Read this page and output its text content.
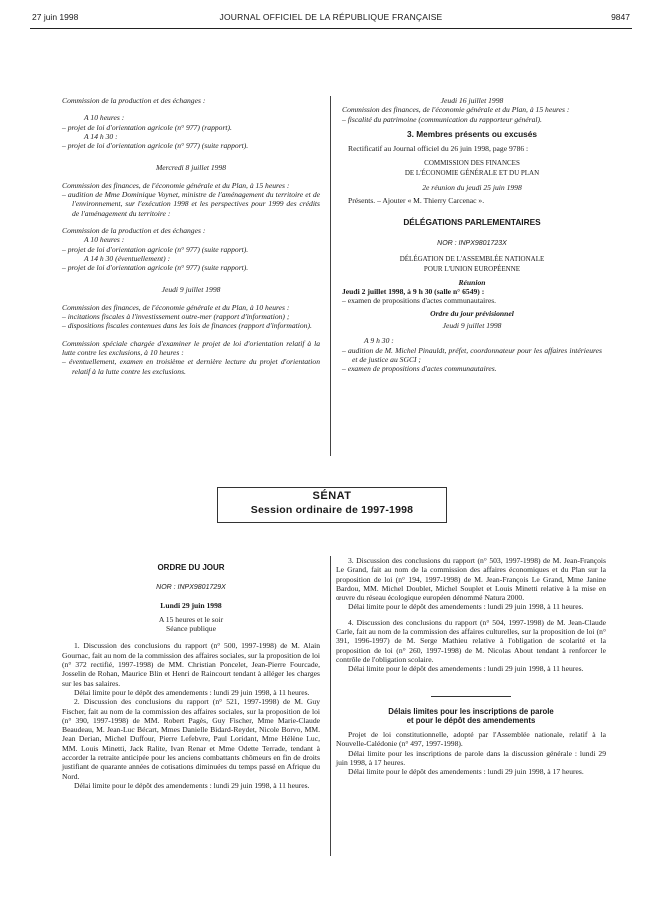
27 juin 1998	JOURNAL OFFICIEL DE LA RÉPUBLIQUE FRANÇAISE	9847

Commission de la production et des échanges :

A 10 heures :

– projet de loi d'orientation agricole (n° 977) (rapport).

A 14 h 30 :

– projet de loi d'orientation agricole (n° 977) (suite rapport).

Mercredi 8 juillet 1998

Commission des finances, de l'économie générale et du Plan, à 15 heures :

– audition de Mme Dominique Voynet, ministre de l'aménagement du territoire et de l'environnement, sur l'exécution 1998 et les perspectives pour 1999 des crédits de l'aménagement du territoire :

Commission de la production et des échanges :

A 10 heures :

– projet de loi d'orientation agricole (n° 977) (suite rapport).

A 14 h 30 (éventuellement) :

– projet de loi d'orientation agricole (n° 977) (suite rapport).

Jeudi 9 juillet 1998

Commission des finances, de l'économie générale et du Plan, à 10 heures :

– incitations fiscales à l'investissement outre-mer (rapport d'information) ;

– dispositions fiscales contenues dans les lois de finances (rapport d'information).

Commission spéciale chargée d'examiner le projet de loi d'orientation relatif à la lutte contre les exclusions, à 10 heures :

– éventuellement, examen en troisième et dernière lecture du projet d'orientation relatif à la lutte contre les exclusions.

Jeudi 16 juillet 1998

Commission des finances, de l'économie générale et du Plan, à 15 heures :

– fiscalité du patrimoine (communication du rapporteur général).

3. Membres présents ou excusés

Rectificatif au Journal officiel du 26 juin 1998, page 9786 :

COMMISSION DES FINANCES

DE L'ÉCONOMIE GÉNÉRALE ET DU PLAN

2e réunion du jeudi 25 juin 1998

Présents. – Ajouter « M. Thierry Carcenac ».

DÉLÉGATIONS PARLEMENTAIRES

NOR : INPX9801723X

DÉLÉGATION DE L'ASSEMBLÉE NATIONALE

POUR L'UNION EUROPÉENNE

Réunion

Jeudi 2 juillet 1998, à 9 h 30 (salle n° 6549) :

– examen de propositions d'actes communautaires.

Ordre du jour prévisionnel

Jeudi 9 juillet 1998

A 9 h 30 :

– audition de M. Michel Pinauldt, préfet, coordonnateur pour les affaires intérieures et de justice au SGCI ;

– examen de propositions d'actes communautaires.

SÉNAT
Session ordinaire de 1997-1998

ORDRE DU JOUR

NOR : INPX9801729X

Lundi 29 juin 1998

A 15 heures et le soir

Séance publique

1. Discussion des conclusions du rapport (n° 500, 1997-1998) de M. Alain Gournac, fait au nom de la commission des affaires sociales, sur la proposition de loi (n° 372 rectifié, 1997-1998) de MM. Christian Poncelet, Jean-Pierre Fourcade, Josselin de Rohan, Maurice Blin et Henri de Raincourt tendant à alléger les charges sur les bas salaires.

Délai limite pour le dépôt des amendements : lundi 29 juin 1998, à 11 heures.

2. Discussion des conclusions du rapport (n° 521, 1997-1998) de M. Guy Fischer, fait au nom de la commission des affaires sociales, sur la proposition de loi (n° 390, 1997-1998) de MM. Robert Pagès, Guy Fischer, Mme Marie-Claude Beaudeau, M. Jean-Luc Bécart, Mmes Danielle Bidard-Reydet, Nicole Borvo, MM. Jean Derian, Michel Duffour, Pierre Lefebvre, Paul Loridant, Mme Hélène Luc, MM. Louis Minetti, Jack Ralite, Ivan Renar et Mme Odette Terrade, tendant à accorder la retraite anticipée pour les anciens combattants chômeurs en fin de droits justifiant de quarante années de cotisations diminuées du temps passé en Afrique du Nord.

Délai limite pour le dépôt des amendements : lundi 29 juin 1998, à 11 heures.

3. Discussion des conclusions du rapport (n° 503, 1997-1998) de M. Jean-François Le Grand, fait au nom de la commission des affaires économiques et du Plan sur la proposition de loi (n° 194, 1997-1998) de M. Jean-François Le Grand, Mme Janine Bardou, MM. Michel Doublet, Michel Souplet et Louis Minetti relative à la mise en œuvre du réseau écologique européen dénommé Natura 2000.

Délai limite pour le dépôt des amendements : lundi 29 juin 1998, à 11 heures.

4. Discussion des conclusions du rapport (n° 504, 1997-1998) de M. Jean-Claude Carle, fait au nom de la commission des affaires culturelles, sur la proposition de loi (n° 391, 1996-1997) de M. Serge Mathieu relative à l'obligation de scolarité et la proposition de loi (n° 260, 1997-1998) de M. Nicolas About tendant à renforcer le contrôle de l'obligation scolaire.

Délai limite pour le dépôt des amendements : lundi 29 juin 1998, à 11 heures.

Délais limites pour les inscriptions de parole

et pour le dépôt des amendements

Projet de loi constitutionnelle, adopté par l'Assemblée nationale, relatif à la Nouvelle-Calédonie (n° 497, 1997-1998).

Délai limite pour les inscriptions de parole dans la discussion générale : lundi 29 juin 1998, à 17 heures.

Délai limite pour le dépôt des amendements : lundi 29 juin 1998, à 17 heures.
